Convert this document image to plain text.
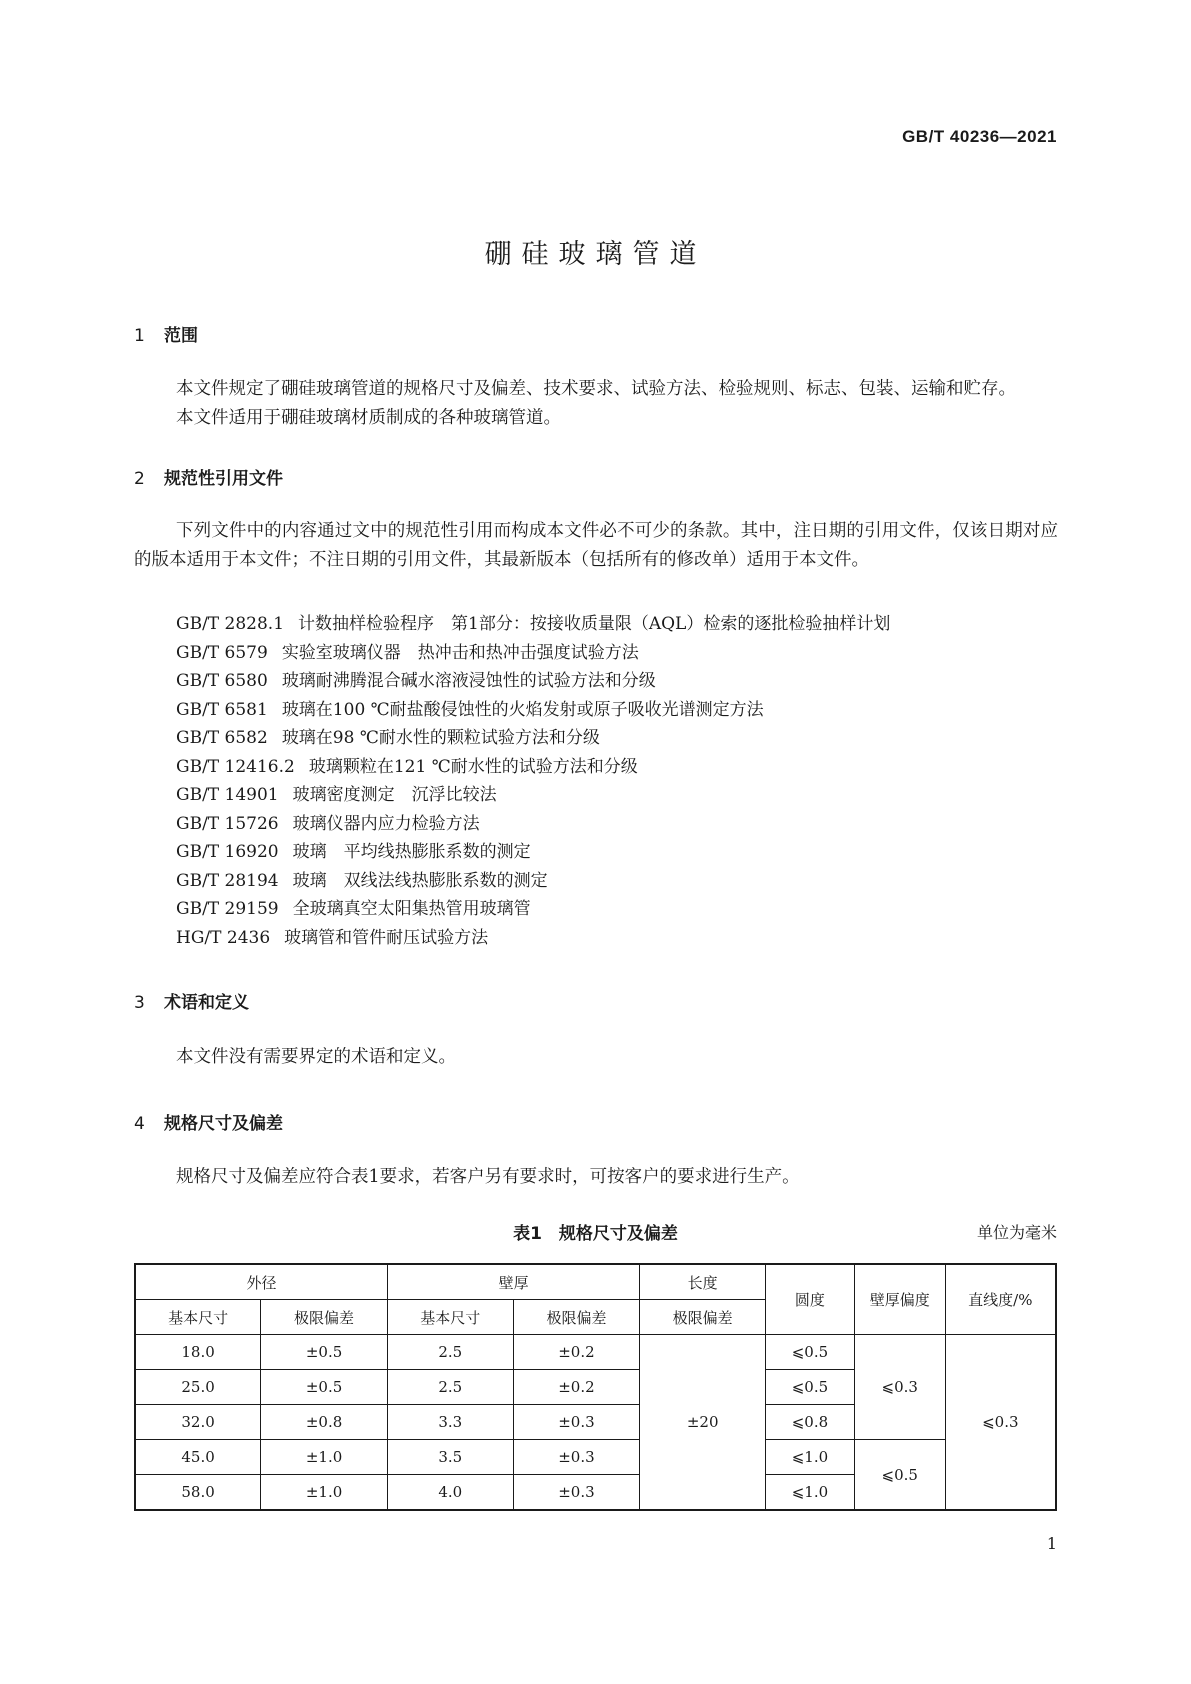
GB/T 40236—2021
硼硅玻璃管道
1 范围

本文件规定了硼硅玻璃管道的规格尺寸及偏差、技术要求、试验方法、检验规则、标志、包装、运输和贮存。

本文件适用于硼硅玻璃材质制成的各种玻璃管道。

2 规范性引用文件

下列文件中的内容通过文中的规范性引用而构成本文件必不可少的条款。其中，注日期的引用文件，仅该日期对应的版本适用于本文件；不注日期的引用文件，其最新版本（包括所有的修改单）适用于本文件。

GB/T 2828.1 计数抽样检验程序　第1部分：按接收质量限（AQL）检索的逐批检验抽样计划
GB/T 6579 实验室玻璃仪器　热冲击和热冲击强度试验方法
GB/T 6580 玻璃耐沸腾混合碱水溶液浸蚀性的试验方法和分级
GB/T 6581 玻璃在100 ℃耐盐酸侵蚀性的火焰发射或原子吸收光谱测定方法
GB/T 6582 玻璃在98 ℃耐水性的颗粒试验方法和分级
GB/T 12416.2 玻璃颗粒在121 ℃耐水性的试验方法和分级
GB/T 14901 玻璃密度测定　沉浮比较法
GB/T 15726 玻璃仪器内应力检验方法
GB/T 16920 玻璃　平均线热膨胀系数的测定
GB/T 28194 玻璃　双线法线热膨胀系数的测定
GB/T 29159 全玻璃真空太阳集热管用玻璃管
HG/T 2436 玻璃管和管件耐压试验方法
3 术语和定义

本文件没有需要界定的术语和定义。

4 规格尺寸及偏差

规格尺寸及偏差应符合表1要求，若客户另有要求时，可按客户的要求进行生产。

表1　规格尺寸及偏差	单位为毫米
外径		壁厚		长度	圆度	壁厚偏度	直线度/%
基本尺寸	极限偏差	基本尺寸	极限偏差	极限偏差			
18.0	±0.5	2.5	±0.2	±20	⩽0.5	⩽0.3	⩽0.3
25.0	±0.5	2.5	±0.2		⩽0.5		
32.0	±0.8	3.3	±0.3		⩽0.8		
45.0	±1.0	3.5	±0.3		⩽1.0	⩽0.5	
58.0	±1.0	4.0	±0.3		⩽1.0		
1
